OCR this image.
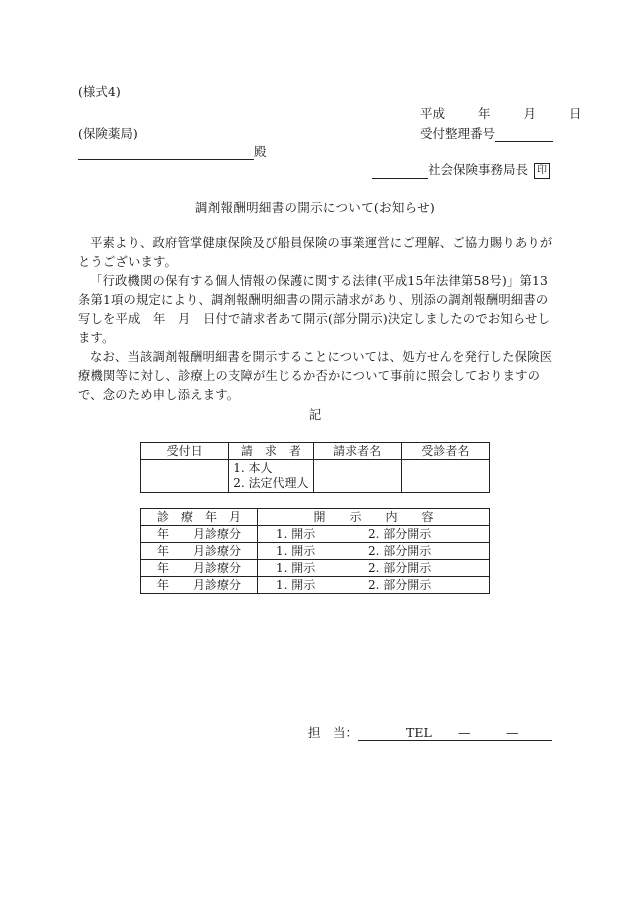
(様式4)
平成	年	月	日
(保険薬局)	受付整理番号
殿
社会保険事務局長 印
調剤報酬明細書の開示について(お知らせ)

平素より、政府管掌健康保険及び船員保険の事業運営にご理解、ご協力賜りありがとうございます。

「行政機関の保有する個人情報の保護に関する法律(平成15年法律第58号)」第13条第1項の規定により、調剤報酬明細書の開示請求があり、別添の調剤報酬明細書の写しを平成　年　月　日付で請求者あて開示(部分開示)決定しましたのでお知らせします。

なお、当該調剤報酬明細書を開示することについては、処方せんを発行した保険医療機関等に対し、診療上の支障が生じるか否かについて事前に照会しておりますので、念のため申し添えます。

記
受付日	請　求　者	請求者名	受診者名

	1. 本人
2. 法定代理人		

診　療　年　月	開　　示　　内　　容
年　　月診療分	1. 開示 2. 部分開示
年　　月診療分	1. 開示 2. 部分開示
年　　月診療分	1. 開示 2. 部分開示
年　　月診療分	1. 開示 2. 部分開示
担　当：	TEL —	—
